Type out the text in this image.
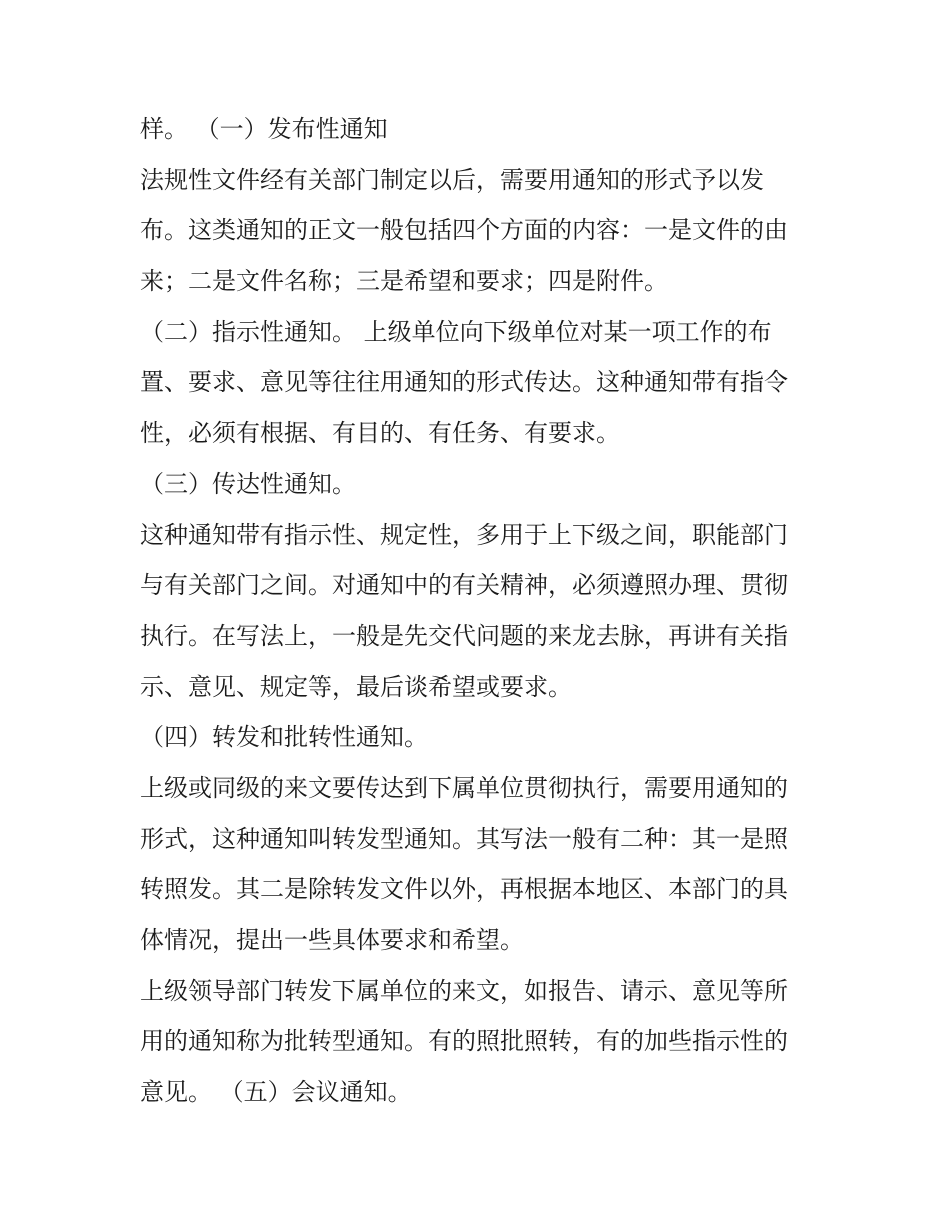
样。 （一）发布性通知
法规性文件经有关部门制定以后，需要用通知的形式予以发
布。这类通知的正文一般包括四个方面的内容：一是文件的由
来；二是文件名称；三是希望和要求；四是附件。
（二）指示性通知。 上级单位向下级单位对某一项工作的布
置、要求、意见等往往用通知的形式传达。这种通知带有指令
性，必须有根据、有目的、有任务、有要求。
（三）传达性通知。
这种通知带有指示性、规定性，多用于上下级之间，职能部门
与有关部门之间。对通知中的有关精神，必须遵照办理、贯彻
执行。在写法上，一般是先交代问题的来龙去脉，再讲有关指
示、意见、规定等，最后谈希望或要求。
（四）转发和批转性通知。
上级或同级的来文要传达到下属单位贯彻执行，需要用通知的
形式，这种通知叫转发型通知。其写法一般有二种：其一是照
转照发。其二是除转发文件以外，再根据本地区、本部门的具
体情况，提出一些具体要求和希望。
上级领导部门转发下属单位的来文，如报告、请示、意见等所
用的通知称为批转型通知。有的照批照转，有的加些指示性的
意见。 （五）会议通知。
